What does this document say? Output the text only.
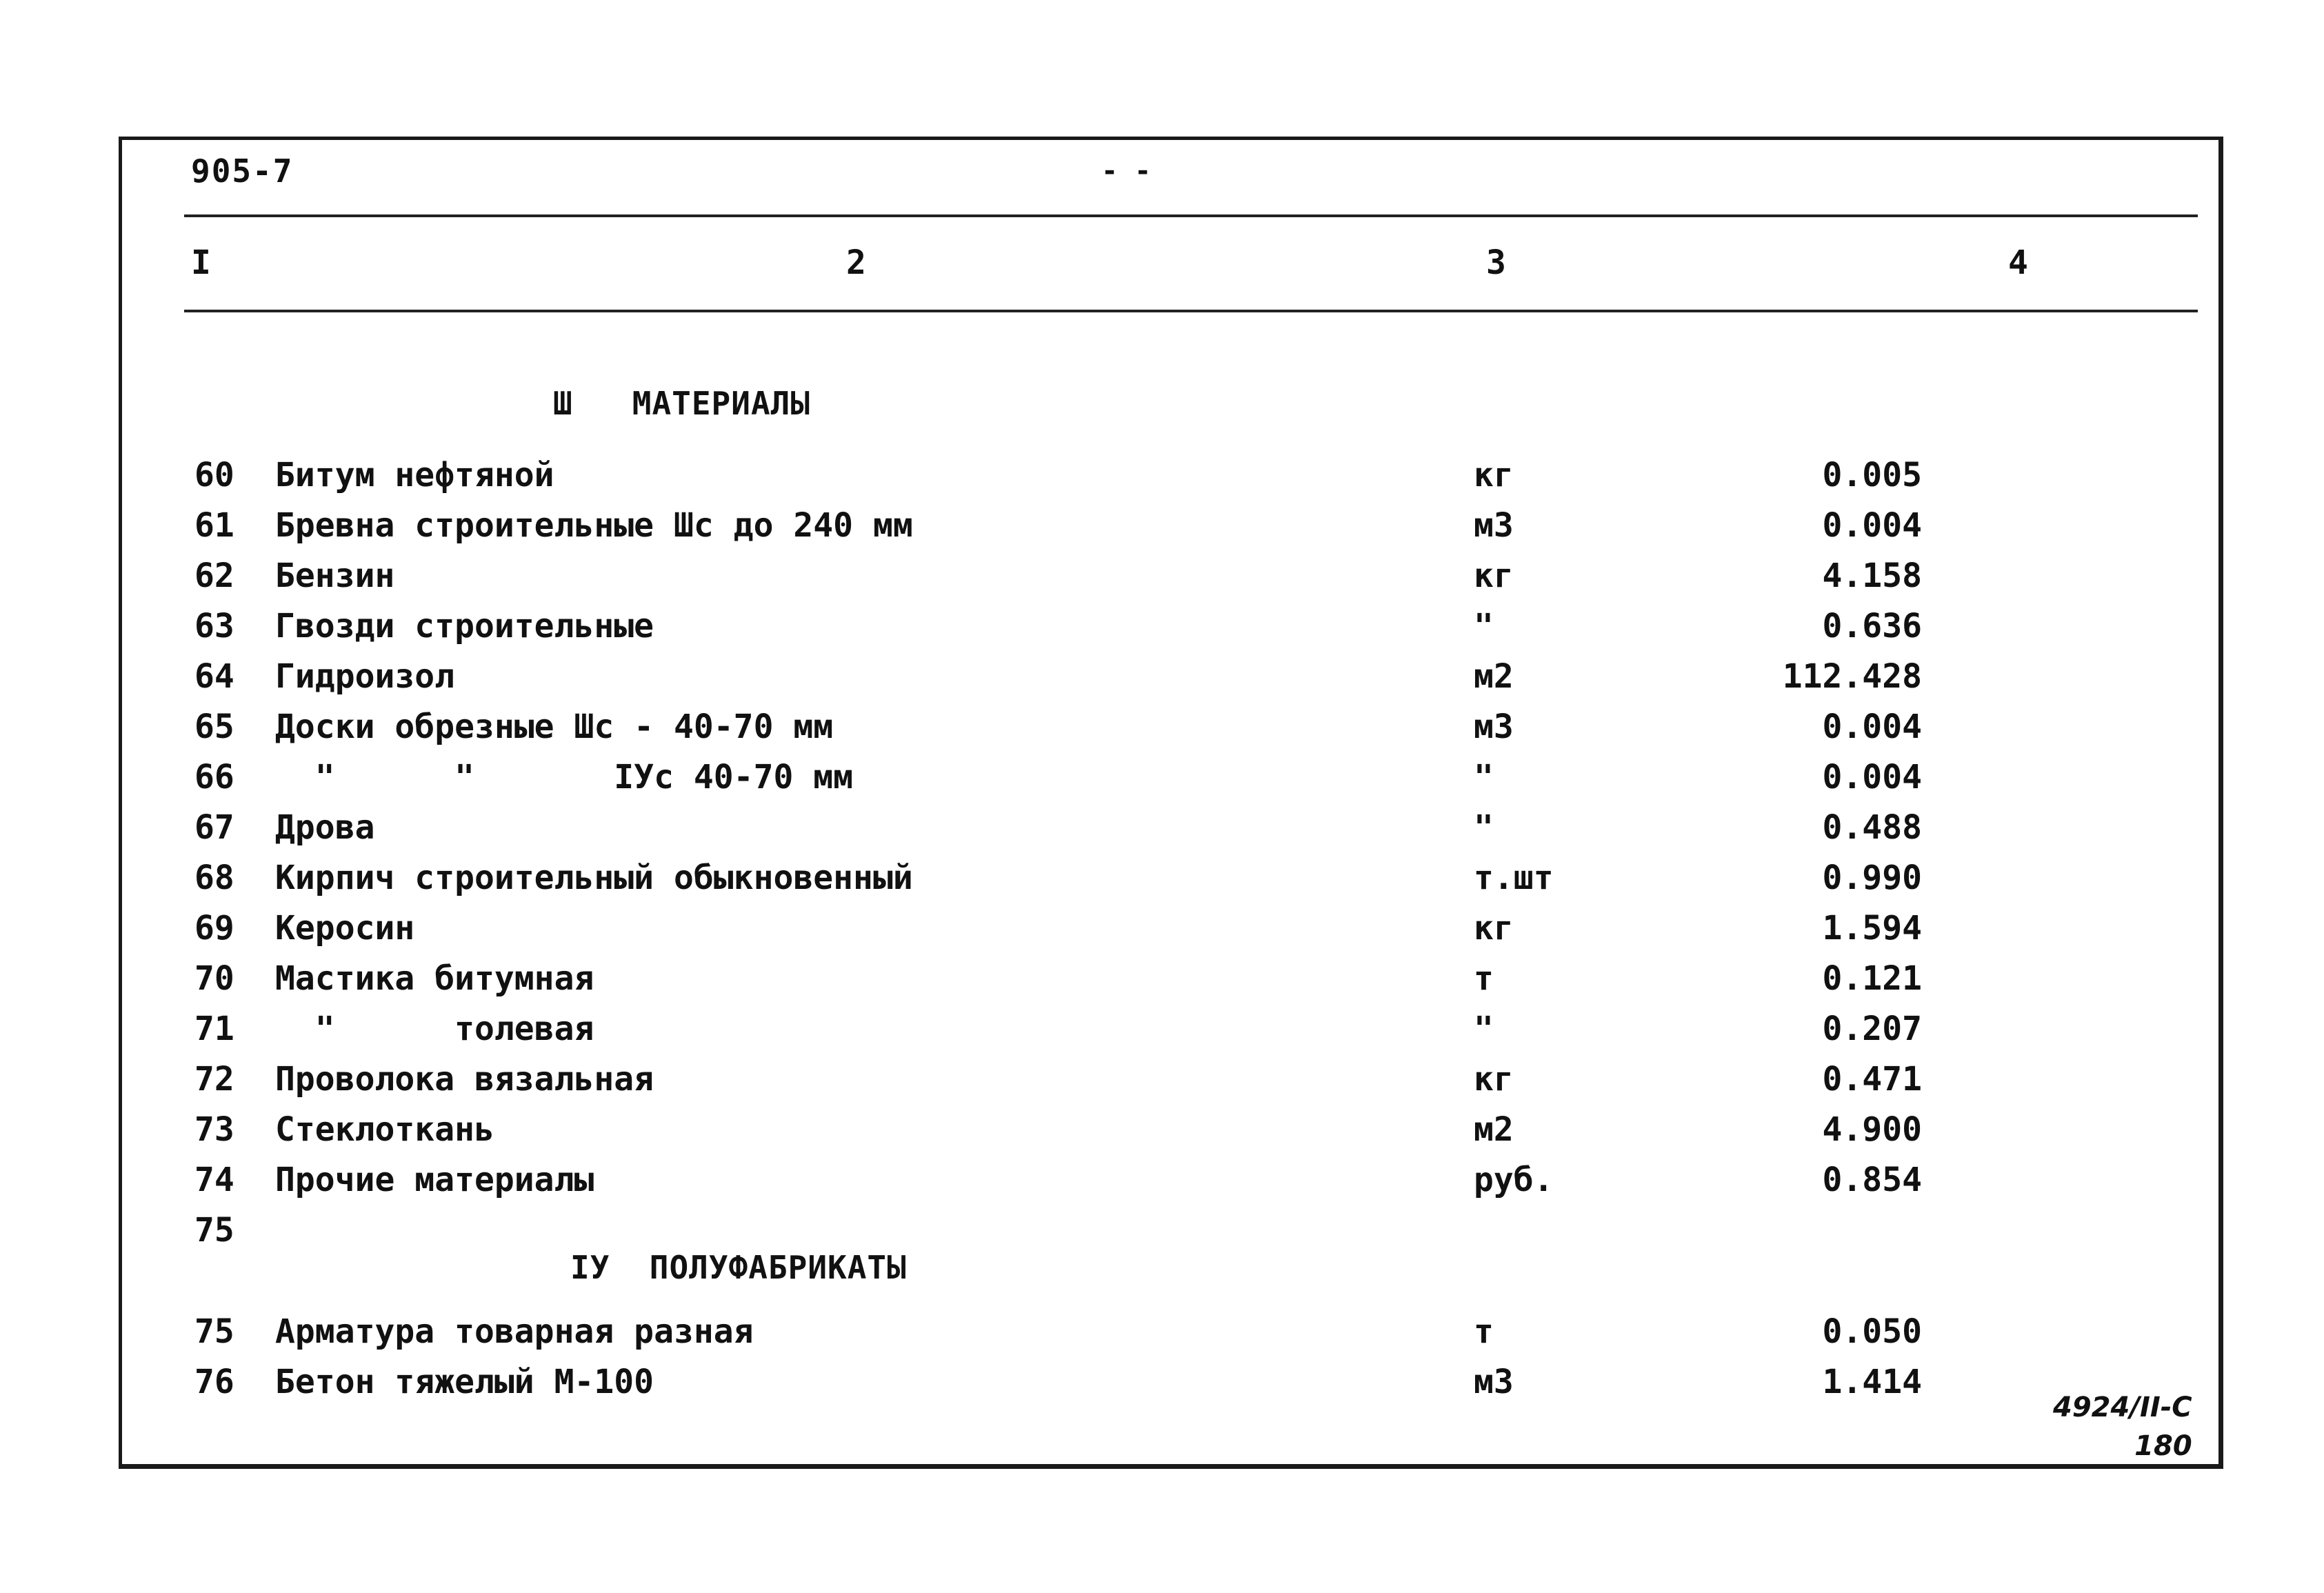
905-7	- -
I	2	3	4
Ш   МАТЕРИАЛЫ
60 Битум нефтяной	кг	0.005
61 Бревна строительные Шс до 240 мм	м3	0.004
62 Бензин	кг	4.158
63 Гвозди строительные	"	0.636
64 Гидроизол	м2	112.428
65 Доски обрезные Шс - 40-70 мм	м3	0.004
66 "      "       IУс 40-70 мм	"	0.004
67 Дрова	"	0.488
68 Кирпич строительный обыкновенный	т.шт	0.990
69 Керосин	кг	1.594
70 Мастика битумная	т	0.121
71 "      толевая	"	0.207
72 Проволока вязальная	кг	0.471
73 Стеклоткань	м2	4.900
74 Прочие материалы	руб.	0.854
75
IУ  ПОЛУФАБРИКАТЫ
75 Арматура товарная разная	т	0.050
76 Бетон тяжелый М-100	м3	1.414
4924/II-C
180
